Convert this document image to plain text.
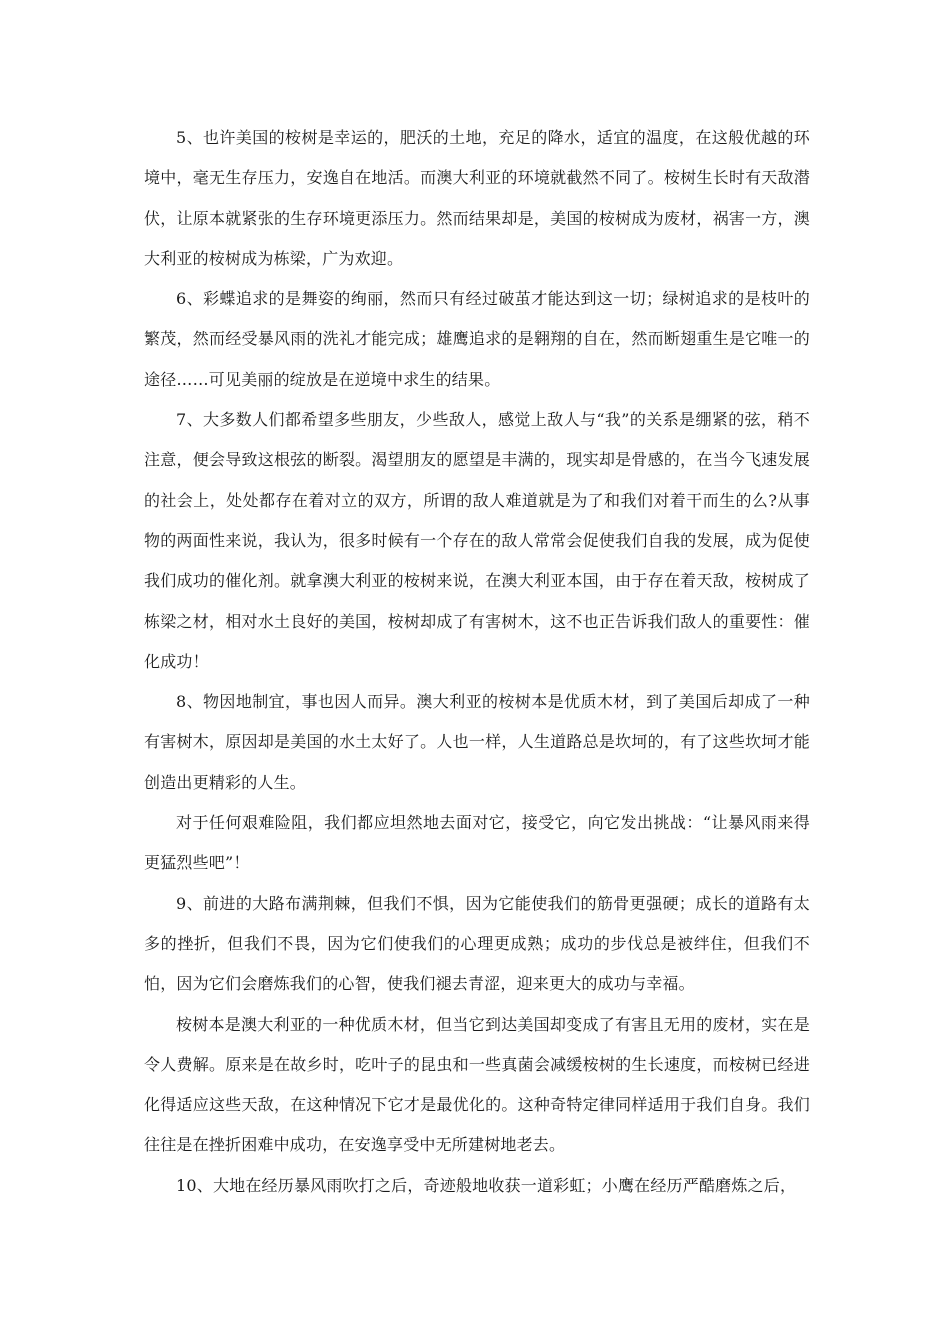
5、也许美国的桉树是幸运的，肥沃的土地，充足的降水，适宜的温度，在这般优越的环境中，毫无生存压力，安逸自在地活。而澳大利亚的环境就截然不同了。桉树生长时有天敌潜伏，让原本就紧张的生存环境更添压力。然而结果却是，美国的桉树成为废材，祸害一方，澳大利亚的桉树成为栋梁，广为欢迎。

6、彩蝶追求的是舞姿的绚丽，然而只有经过破茧才能达到这一切；绿树追求的是枝叶的繁茂，然而经受暴风雨的洗礼才能完成；雄鹰追求的是翱翔的自在，然而断翅重生是它唯一的途径……可见美丽的绽放是在逆境中求生的结果。

7、大多数人们都希望多些朋友，少些敌人，感觉上敌人与“我”的关系是绷紧的弦，稍不注意，便会导致这根弦的断裂。渴望朋友的愿望是丰满的，现实却是骨感的，在当今飞速发展的社会上，处处都存在着对立的双方，所谓的敌人难道就是为了和我们对着干而生的么?从事物的两面性来说，我认为，很多时候有一个存在的敌人常常会促使我们自我的发展，成为促使我们成功的催化剂。就拿澳大利亚的桉树来说，在澳大利亚本国，由于存在着天敌，桉树成了栋梁之材，相对水土良好的美国，桉树却成了有害树木，这不也正告诉我们敌人的重要性：催化成功！

8、物因地制宜，事也因人而异。澳大利亚的桉树本是优质木材，到了美国后却成了一种有害树木，原因却是美国的水土太好了。人也一样，人生道路总是坎坷的，有了这些坎坷才能创造出更精彩的人生。

对于任何艰难险阻，我们都应坦然地去面对它，接受它，向它发出挑战：“让暴风雨来得更猛烈些吧”！

9、前进的大路布满荆棘，但我们不惧，因为它能使我们的筋骨更强硬；成长的道路有太多的挫折，但我们不畏，因为它们使我们的心理更成熟；成功的步伐总是被绊住，但我们不怕，因为它们会磨炼我们的心智，使我们褪去青涩，迎来更大的成功与幸福。

桉树本是澳大利亚的一种优质木材，但当它到达美国却变成了有害且无用的废材，实在是令人费解。原来是在故乡时，吃叶子的昆虫和一些真菌会减缓桉树的生长速度，而桉树已经进化得适应这些天敌，在这种情况下它才是最优化的。这种奇特定律同样适用于我们自身。我们往往是在挫折困难中成功，在安逸享受中无所建树地老去。

10、大地在经历暴风雨吹打之后，奇迹般地收获一道彩虹；小鹰在经历严酷磨炼之后，
